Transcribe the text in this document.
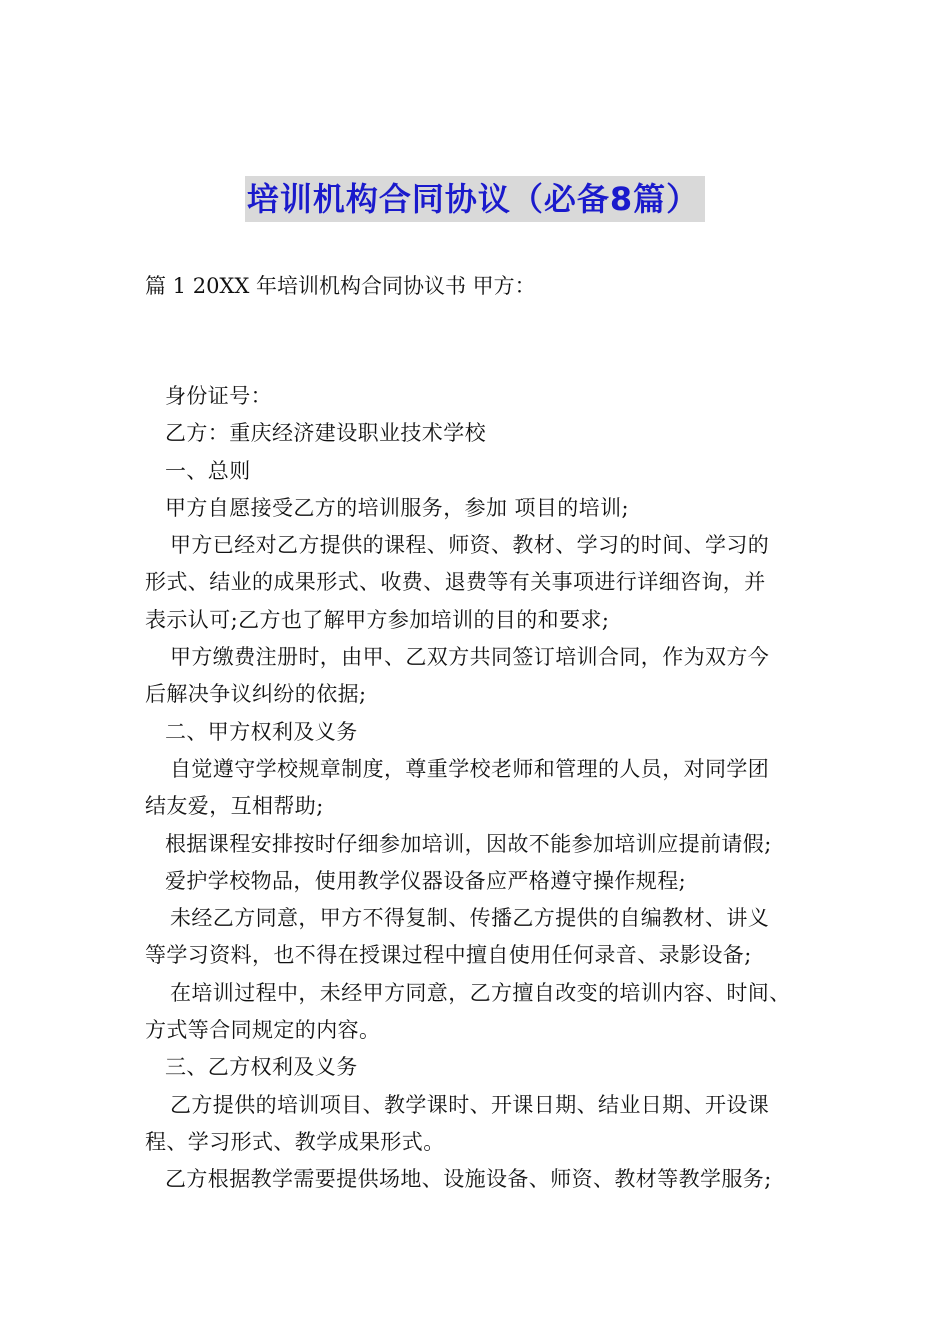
培训机构合同协议（必备8篇）
篇 1 20XX 年培训机构合同协议书 甲方：

身份证号：

乙方：重庆经济建设职业技术学校

一、总则

甲方自愿接受乙方的培训服务，参加 项目的培训;

甲方已经对乙方提供的课程、师资、教材、学习的时间、学习的

形式、结业的成果形式、收费、退费等有关事项进行详细咨询，并

表示认可;乙方也了解甲方参加培训的目的和要求;

甲方缴费注册时，由甲、乙双方共同签订培训合同，作为双方今

后解决争议纠纷的依据;

二、甲方权利及义务

自觉遵守学校规章制度，尊重学校老师和管理的人员，对同学团

结友爱，互相帮助;

根据课程安排按时仔细参加培训，因故不能参加培训应提前请假;

爱护学校物品，使用教学仪器设备应严格遵守操作规程;

未经乙方同意，甲方不得复制、传播乙方提供的自编教材、讲义

等学习资料，也不得在授课过程中擅自使用任何录音、录影设备;

在培训过程中，未经甲方同意，乙方擅自改变的培训内容、时间、

方式等合同规定的内容。

三、乙方权利及义务

乙方提供的培训项目、教学课时、开课日期、结业日期、开设课

程、学习形式、教学成果形式。

乙方根据教学需要提供场地、设施设备、师资、教材等教学服务;
